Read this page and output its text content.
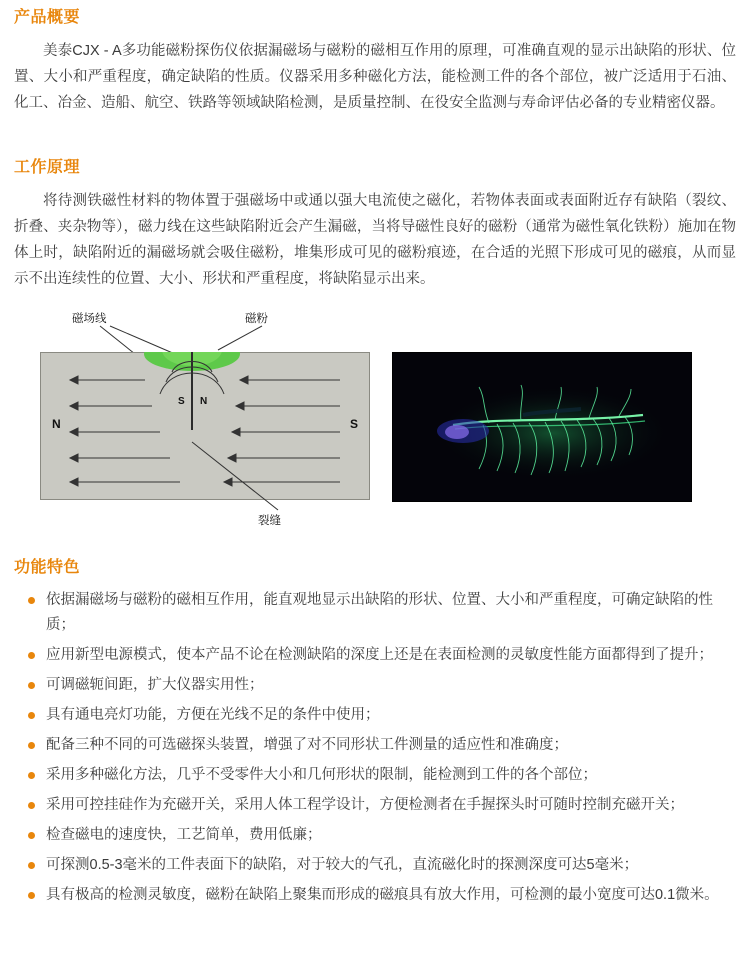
产品概要

美泰CJX - A多功能磁粉探伤仪依据漏磁场与磁粉的磁相互作用的原理，可准确直观的显示出缺陷的形状、位置、大小和严重程度，确定缺陷的性质。仪器采用多种磁化方法，能检测工件的各个部位，被广泛适用于石油、化工、冶金、造船、航空、铁路等领域缺陷检测，是质量控制、在役安全监测与寿命评估必备的专业精密仪器。

工作原理

将待测铁磁性材料的物体置于强磁场中或通以强大电流使之磁化，若物体表面或表面附近存有缺陷（裂纹、折叠、夹杂物等），磁力线在这些缺陷附近会产生漏磁，当将导磁性良好的磁粉（通常为磁性氧化铁粉）施加在物体上时，缺陷附近的漏磁场就会吸住磁粉，堆集形成可见的磁粉痕迹，在合适的光照下形成可见的磁痕，从而显示不出连续性的位置、大小、形状和严重程度，将缺陷显示出来。

磁场线	磁粉
N	S
S N
裂缝
功能特色
依据漏磁场与磁粉的磁相互作用，能直观地显示出缺陷的形状、位置、大小和严重程度，可确定缺陷的性质；
应用新型电源模式，使本产品不论在检测缺陷的深度上还是在表面检测的灵敏度性能方面都得到了提升；
可调磁轭间距，扩大仪器实用性；
具有通电亮灯功能，方便在光线不足的条件中使用；
配备三种不同的可选磁探头装置，增强了对不同形状工件测量的适应性和准确度；
采用多种磁化方法，几乎不受零件大小和几何形状的限制，能检测到工件的各个部位；
采用可控挂硅作为充磁开关，采用人体工程学设计，方便检测者在手握探头时可随时控制充磁开关；
检查磁电的速度快，工艺简单，费用低廉；
可探测0.5-3毫米的工件表面下的缺陷，对于较大的气孔，直流磁化时的探测深度可达5毫米；
具有极高的检测灵敏度，磁粉在缺陷上聚集而形成的磁痕具有放大作用，可检测的最小宽度可达0.1微米。
